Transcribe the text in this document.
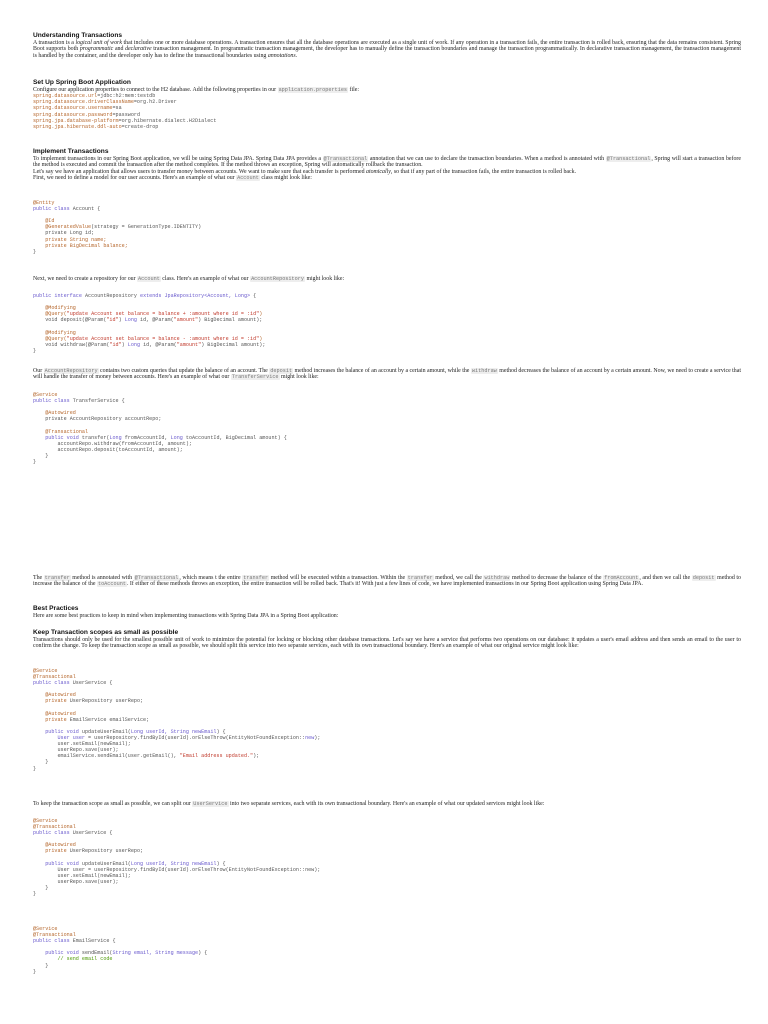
Understanding Transactions

A transaction is a logical unit of work that includes one or more database operations. A transaction ensures that all the database operations are executed as a single unit of work. If any operation in a transaction fails, the entire transaction is rolled back, ensuring that the data remains consistent. Spring Boot supports both programmatic and declarative transaction management. In programmatic transaction management, the developer has to manually define the transaction boundaries and manage the transaction programmatically. In declarative transaction management, the transaction management is handled by the container, and the developer only has to define the transactional boundaries using annotations.

Set Up Spring Boot Application

Configure our application properties to connect to the H2 database. Add the following properties in our application.properties file:

spring.datasource.url=jdbc:h2:mem:testdb
spring.datasource.driverClassName=org.h2.Driver
spring.datasource.username=sa
spring.datasource.password=password
spring.jpa.database-platform=org.hibernate.dialect.H2Dialect
spring.jpa.hibernate.ddl-auto=create-drop
Implement Transactions

To implement transactions in our Spring Boot application, we will be using Spring Data JPA. Spring Data JPA provides a @Transactional annotation that we can use to declare the transaction boundaries. When a method is annotated with @Transactional, Spring will start a transaction before the method is executed and commit the transaction after the method completes. If the method throws an exception, Spring will automatically rollback the transaction.
Let's say we have an application that allows users to transfer money between accounts. We want to make sure that each transfer is performed atomically, so that if any part of the transaction fails, the entire transaction is rolled back.
First, we need to define a model for our user accounts. Here's an example of what our Account class might look like:

@Entity
public class Account {

@Id
@GeneratedValue(strategy = GenerationType.IDENTITY)
private Long id;
private String name;
private BigDecimal balance;
}

Next, we need to create a repository for our Account class. Here's an example of what our AccountRepository might look like:

public interface AccountRepository extends JpaRepository<Account, Long> {

@Modifying
@Query("update Account set balance = balance + :amount where id = :id")
void deposit(@Param("id") Long id, @Param("amount") BigDecimal amount);

@Modifying
@Query("update Account set balance = balance - :amount where id = :id")
void withdraw(@Param("id") Long id, @Param("amount") BigDecimal amount);
}

Our AccountRepository contains two custom queries that update the balance of an account. The deposit method increases the balance of an account by a certain amount, while the withdraw method decreases the balance of an account by a certain amount. Now, we need to create a service that will handle the transfer of money between accounts. Here's an example of what our TransferService might look like:

@Service
public class TransferService {

@Autowired
private AccountRepository accountRepo;

@Transactional
public void transfer(Long fromAccountId, Long toAccountId, BigDecimal amount) {
accountRepo.withdraw(fromAccountId, amount);
accountRepo.deposit(toAccountId, amount);
}
}

The transfer method is annotated with @Transactional, which means t the entire transfer method will be executed within a transaction. Within the transfer method, we call the withdraw method to decrease the balance of the fromAccount, and then we call the deposit method to increase the balance of the toAccount. If either of these methods throws an exception, the entire transaction will be rolled back. That's it! With just a few lines of code, we have implemented transactions in our Spring Boot application using Spring Data JPA.

Best Practices

Here are some best practices to keep in mind when implementing transactions with Spring Data JPA in a Spring Boot application:

Keep Transaction scopes as small as possible

Transactions should only be used for the smallest possible unit of work to minimize the potential for locking or blocking other database transactions. Let's say we have a service that performs two operations on our database: it updates a user's email address and then sends an email to the user to confirm the change. To keep the transaction scope as small as possible, we should split this service into two separate services, each with its own transactional boundary. Here's an example of what our original service might look like:

@Service
@Transactional
public class UserService {

@Autowired
private UserRepository userRepo;

@Autowired
private EmailService emailService;

public void updateUserEmail(Long userId, String newEmail) {
User user = userRepository.findById(userId).orElseThrow(EntityNotFoundException::new);
user.setEmail(newEmail);
userRepo.save(user);
emailService.sendEmail(user.getEmail(), "Email address updated.");
}
}

To keep the transaction scope as small as possible, we can split our UserService into two separate services, each with its own transactional boundary. Here's an example of what our updated services might look like:

@Service
@Transactional
public class UserService {

@Autowired
private UserRepository userRepo;

public void updateUserEmail(Long userId, String newEmail) {
User user = userRepository.findById(userId).orElseThrow(EntityNotFoundException::new);
user.setEmail(newEmail);
userRepo.save(user);
}
}
@Service
@Transactional
public class EmailService {

public void sendEmail(String email, String message) {
// send email code
}
}
